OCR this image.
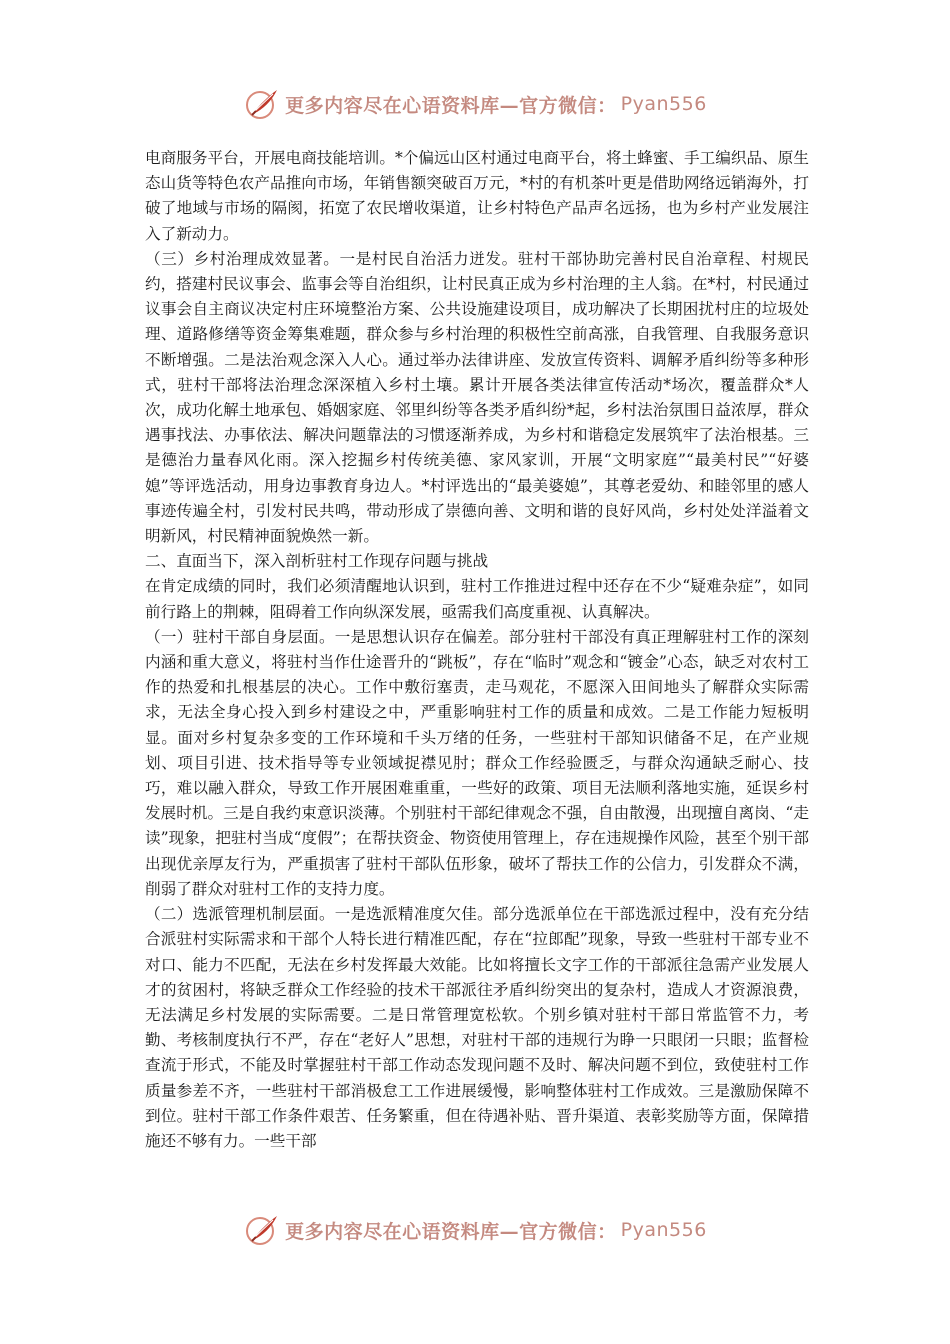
更多内容尽在心语资料库—官方微信： Pyan556

电商服务平台，开展电商技能培训。*个偏远山区村通过电商平台，将土蜂蜜、手工编织品、原生态山货等特色农产品推向市场，年销售额突破百万元，*村的有机茶叶更是借助网络远销海外，打破了地域与市场的隔阂，拓宽了农民增收渠道，让乡村特色产品声名远扬，也为乡村产业发展注入了新动力。

（三）乡村治理成效显著。一是村民自治活力迸发。驻村干部协助完善村民自治章程、村规民约，搭建村民议事会、监事会等自治组织，让村民真正成为乡村治理的主人翁。在*村，村民通过议事会自主商议决定村庄环境整治方案、公共设施建设项目，成功解决了长期困扰村庄的垃圾处理、道路修缮等资金筹集难题，群众参与乡村治理的积极性空前高涨，自我管理、自我服务意识不断增强。二是法治观念深入人心。通过举办法律讲座、发放宣传资料、调解矛盾纠纷等多种形式，驻村干部将法治理念深深植入乡村土壤。累计开展各类法律宣传活动*场次，覆盖群众*人次，成功化解土地承包、婚姻家庭、邻里纠纷等各类矛盾纠纷*起，乡村法治氛围日益浓厚，群众遇事找法、办事依法、解决问题靠法的习惯逐渐养成，为乡村和谐稳定发展筑牢了法治根基。三是德治力量春风化雨。深入挖掘乡村传统美德、家风家训，开展“文明家庭”“最美村民”“好婆媳”等评选活动，用身边事教育身边人。*村评选出的“最美婆媳”，其尊老爱幼、和睦邻里的感人事迹传遍全村，引发村民共鸣，带动形成了崇德向善、文明和谐的良好风尚，乡村处处洋溢着文明新风，村民精神面貌焕然一新。

二、直面当下，深入剖析驻村工作现存问题与挑战

在肯定成绩的同时，我们必须清醒地认识到，驻村工作推进过程中还存在不少“疑难杂症”，如同前行路上的荆棘，阻碍着工作向纵深发展，亟需我们高度重视、认真解决。

（一）驻村干部自身层面。一是思想认识存在偏差。部分驻村干部没有真正理解驻村工作的深刻内涵和重大意义，将驻村当作仕途晋升的“跳板”，存在“临时”观念和“镀金”心态，缺乏对农村工作的热爱和扎根基层的决心。工作中敷衍塞责，走马观花，不愿深入田间地头了解群众实际需求，无法全身心投入到乡村建设之中，严重影响驻村工作的质量和成效。二是工作能力短板明显。面对乡村复杂多变的工作环境和千头万绪的任务，一些驻村干部知识储备不足，在产业规划、项目引进、技术指导等专业领域捉襟见肘；群众工作经验匮乏，与群众沟通缺乏耐心、技巧，难以融入群众，导致工作开展困难重重，一些好的政策、项目无法顺利落地实施，延误乡村发展时机。三是自我约束意识淡薄。个别驻村干部纪律观念不强，自由散漫，出现擅自离岗、“走读”现象，把驻村当成“度假”；在帮扶资金、物资使用管理上，存在违规操作风险，甚至个别干部出现优亲厚友行为，严重损害了驻村干部队伍形象，破坏了帮扶工作的公信力，引发群众不满，削弱了群众对驻村工作的支持力度。

（二）选派管理机制层面。一是选派精准度欠佳。部分选派单位在干部选派过程中，没有充分结合派驻村实际需求和干部个人特长进行精准匹配，存在“拉郎配”现象，导致一些驻村干部专业不对口、能力不匹配，无法在乡村发挥最大效能。比如将擅长文字工作的干部派往急需产业发展人才的贫困村，将缺乏群众工作经验的技术干部派往矛盾纠纷突出的复杂村，造成人才资源浪费，无法满足乡村发展的实际需要。二是日常管理宽松软。个别乡镇对驻村干部日常监管不力，考勤、考核制度执行不严，存在“老好人”思想，对驻村干部的违规行为睁一只眼闭一只眼；监督检查流于形式，不能及时掌握驻村干部工作动态发现问题不及时、解决问题不到位，致使驻村工作质量参差不齐，一些驻村干部消极怠工工作进展缓慢，影响整体驻村工作成效。三是激励保障不到位。驻村干部工作条件艰苦、任务繁重，但在待遇补贴、晋升渠道、表彰奖励等方面，保障措施还不够有力。一些干部

更多内容尽在心语资料库—官方微信： Pyan556
